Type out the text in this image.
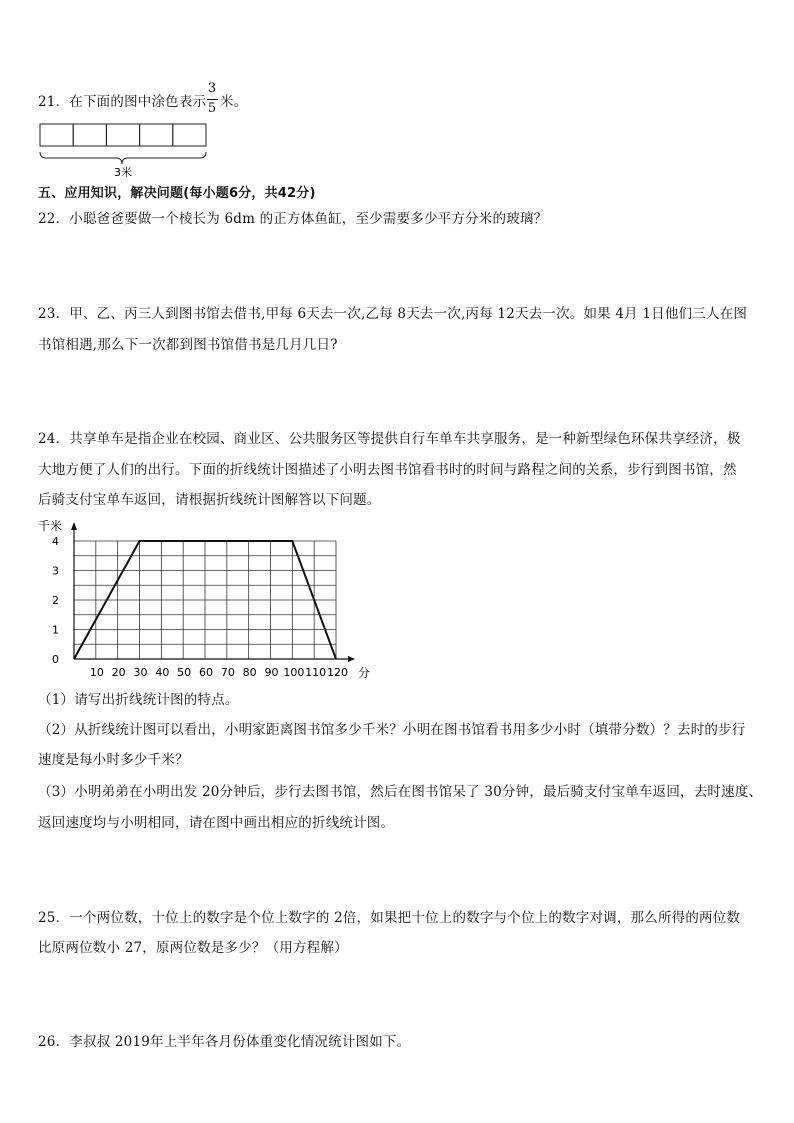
21．在下面的图中涂色表示
3
5 米。
3米
五、应用知识，解决问题(每小题6分，共42分)
22．小聪爸爸要做一个棱长为 6dm 的正方体鱼缸，至少需要多少平方分米的玻璃？
23．甲、乙、丙三人到图书馆去借书,甲每 6天去一次,乙每 8天去一次,丙每 12天去一次。如果 4月 1日他们三人在图
书馆相遇,那么下一次都到图书馆借书是几月几日?
24．共享单车是指企业在校园、商业区、公共服务区等提供自行车单车共享服务，是一种新型绿色环保共享经济，极
大地方便了人们的出行。下面的折线统计图描述了小明去图书馆看书时的时间与路程之间的关系，步行到图书馆，然
后骑支付宝单车返回，请根据折线统计图解答以下问题。
千米
0
1
2
3
4
10 20 30 40 50 60 70 80 90 100 110 120 分
（1）请写出折线统计图的特点。
（2）从折线统计图可以看出，小明家距离图书馆多少千米？小明在图书馆看书用多少小时（填带分数）？去时的步行
速度是每小时多少千米？
（3）小明弟弟在小明出发 20分钟后，步行去图书馆，然后在图书馆呆了 30分钟，最后骑支付宝单车返回，去时速度、
返回速度均与小明相同，请在图中画出相应的折线统计图。
25．一个两位数，十位上的数字是个位上数字的 2倍，如果把十位上的数字与个位上的数字对调，那么所得的两位数
比原两位数小 27，原两位数是多少？（用方程解）
26．李叔叔 2019年上半年各月份体重变化情况统计图如下。
